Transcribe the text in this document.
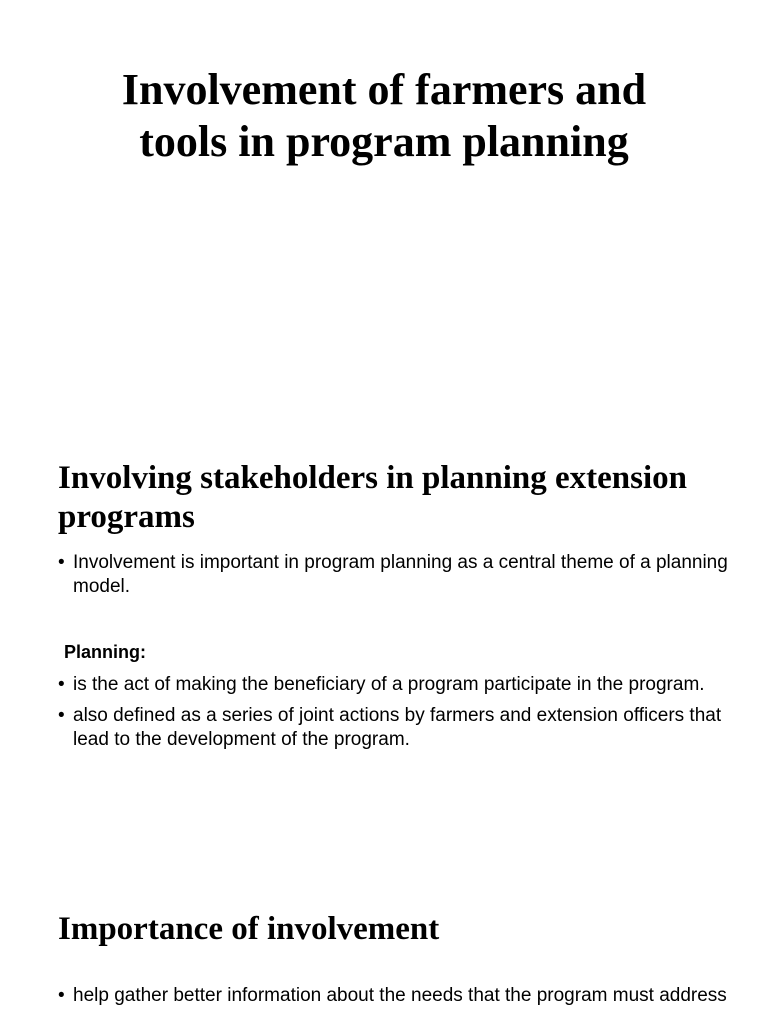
Involvement of farmers and tools in program planning
Involving stakeholders in planning extension programs
• Involvement is important in program planning as a central theme of a planning model.

Planning:

• is the act of making the beneficiary of a program participate in the program.
• also defined as a series of joint actions by farmers and extension officers that lead to the development of the program.
Importance of involvement
• help gather better information about the needs that the program must address
